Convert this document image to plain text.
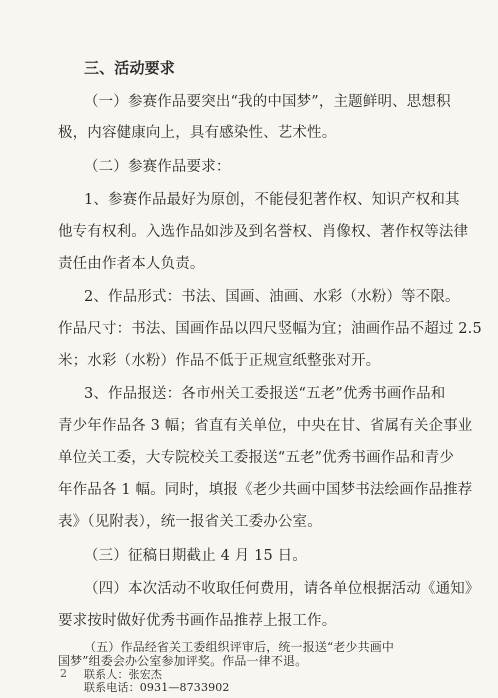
三、活动要求
（一）参赛作品要突出“我的中国梦”，主题鲜明、思想积
极，内容健康向上，具有感染性、艺术性。
（二）参赛作品要求：
1、参赛作品最好为原创，不能侵犯著作权、知识产权和其
他专有权利。入选作品如涉及到名誉权、肖像权、著作权等法律
责任由作者本人负责。
2、作品形式：书法、国画、油画、水彩（水粉）等不限。
作品尺寸：书法、国画作品以四尺竖幅为宜；油画作品不超过 2.5
米；水彩（水粉）作品不低于正规宣纸整张对开。
3、作品报送：各市州关工委报送“五老”优秀书画作品和
青少年作品各 3 幅；省直有关单位，中央在甘、省属有关企事业
单位关工委，大专院校关工委报送“五老”优秀书画作品和青少
年作品各 1 幅。同时，填报《老少共画中国梦书法绘画作品推荐
表》（见附表），统一报省关工委办公室。
（三）征稿日期截止 4 月 15 日。
（四）本次活动不收取任何费用，请各单位根据活动《通知》
要求按时做好优秀书画作品推荐上报工作。
（五）作品经省关工委组织评审后，统一报送“老少共画中
国梦”组委会办公室参加评奖。作品一律不退。
联系人：张宏杰
联系电话：0931—8733902
2
